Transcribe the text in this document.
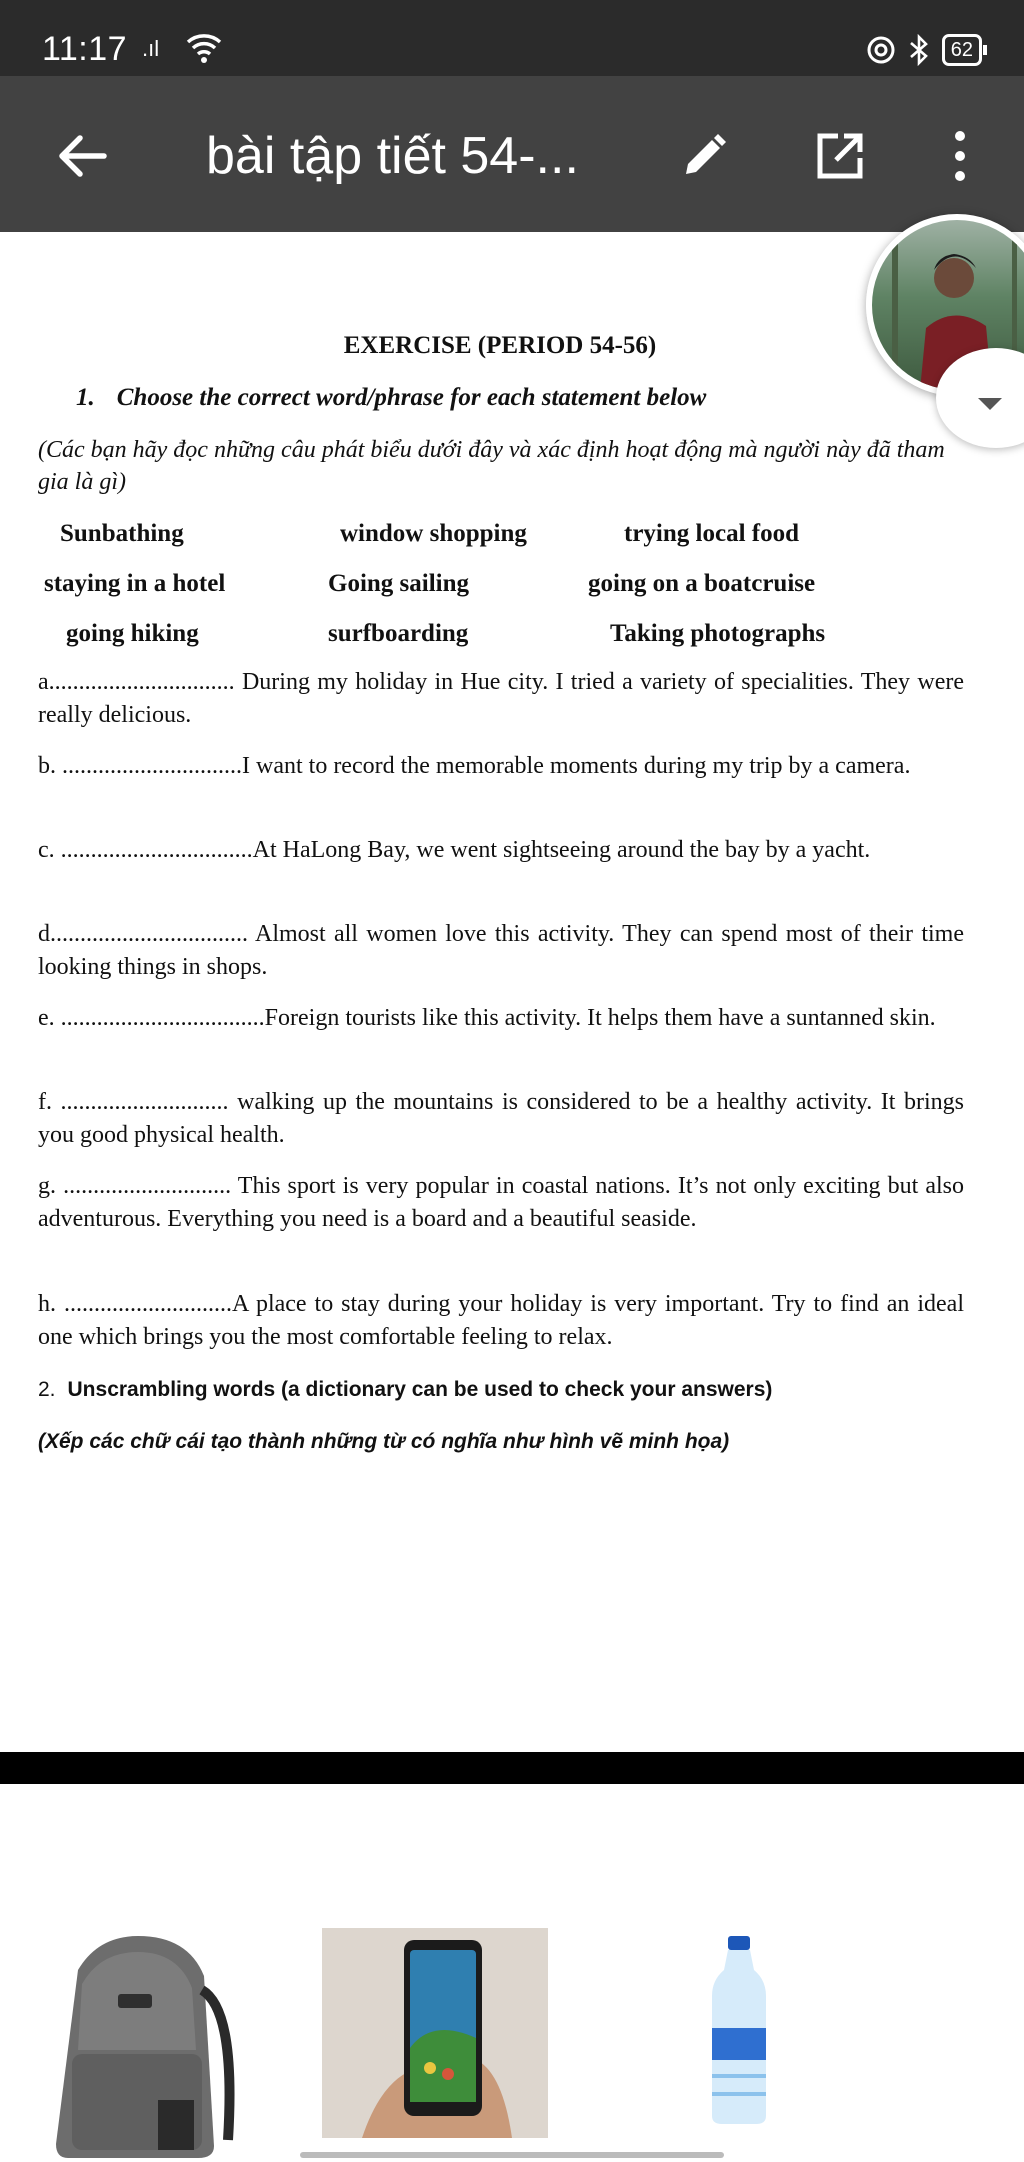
11:17 .ıl	62
bài tập tiết 54-...
EXERCISE (PERIOD 54-56)
1. Choose the correct word/phrase for each statement below
(Các bạn hãy đọc những câu phát biểu dưới đây và xác định hoạt động mà người này đã tham gia là gì)
Sunbathing	window shopping	trying local food
staying in a hotel	Going sailing	going on a boatcruise
going hiking	surfboarding	Taking photographs
a............................... During my holiday in Hue city. I tried a variety of specialities. They were really delicious.
b. ..............................I want to record the memorable moments during my trip by a camera.
c. ................................At HaLong Bay, we went sightseeing around the bay by a yacht.
d................................. Almost all women love this activity. They can spend most of their time looking things in shops.
e. ..................................Foreign tourists like this activity. It helps them have a suntanned skin.
f. ............................ walking up the mountains is considered to be a healthy activity. It brings you good physical health.
g. ............................ This sport is very popular in coastal nations. It’s not only exciting but also adventurous. Everything you need is a board and a beautiful seaside.
h. ............................A place to stay during your holiday is very important. Try to find an ideal one which brings you the most comfortable feeling to relax.
2. Unscrambling words (a dictionary can be used to check your answers)
(Xếp các chữ cái tạo thành những từ có nghĩa như hình vẽ minh họa)
